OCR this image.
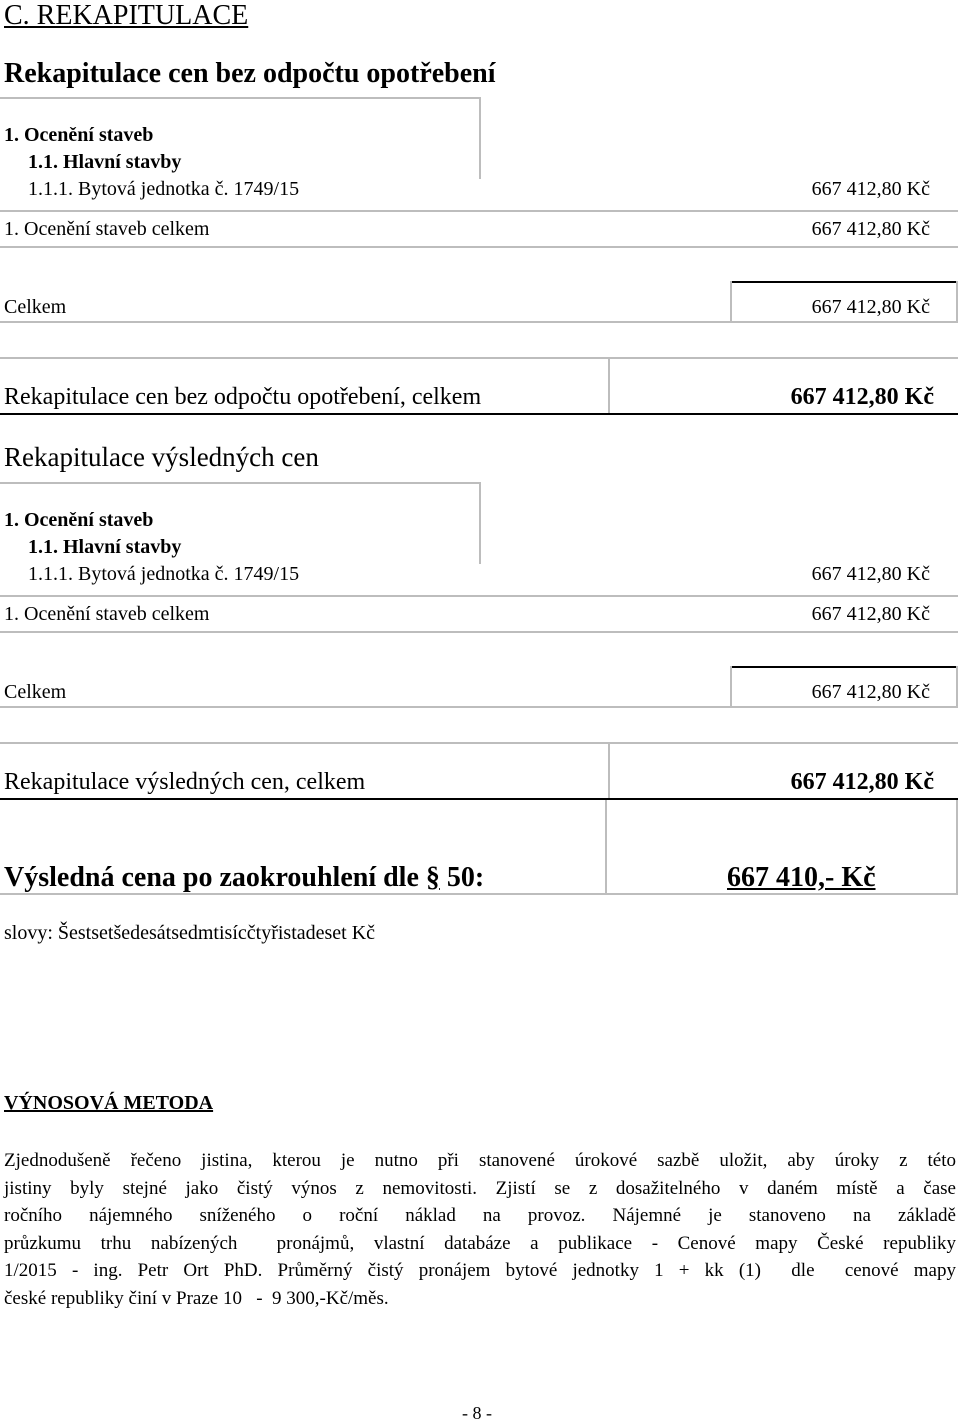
C. REKAPITULACE
Rekapitulace cen bez odpočtu opotřebení
1. Ocenění staveb
1.1. Hlavní stavby
1.1.1. Bytová jednotka č. 1749/15	667 412,80 Kč
1. Ocenění staveb celkem	667 412,80 Kč
Celkem	667 412,80 Kč
Rekapitulace cen bez odpočtu opotřebení, celkem	667 412,80 Kč
Rekapitulace výsledných cen
1. Ocenění staveb
1.1. Hlavní stavby
1.1.1. Bytová jednotka č. 1749/15	667 412,80 Kč
1. Ocenění staveb celkem	667 412,80 Kč
Celkem	667 412,80 Kč
Rekapitulace výsledných cen, celkem	667 412,80 Kč
Výsledná cena po zaokrouhlení dle § 50:	667 410,- Kč
slovy: Šestsetšedesátsedmtisícčtyřistadeset Kč
VÝNOSOVÁ METODA
Zjednodušeně řečeno jistina, kterou je nutno při stanovené úrokové sazbě uložit, aby úroky z této
jistiny byly stejné jako čistý výnos z nemovitosti. Zjistí se z dosažitelného v daném místě a čase
ročního nájemného sníženého o roční náklad na provoz. Nájemné je stanoveno na základě
průzkumu trhu nabízených  pronájmů, vlastní databáze a publikace - Cenové mapy České republiky
1/2015 - ing. Petr Ort PhD. Průměrný čistý pronájem bytové jednotky 1 + kk (1)  dle  cenové mapy
české republiky činí v Praze 10   -  9 300,-Kč/měs.
- 8 -
